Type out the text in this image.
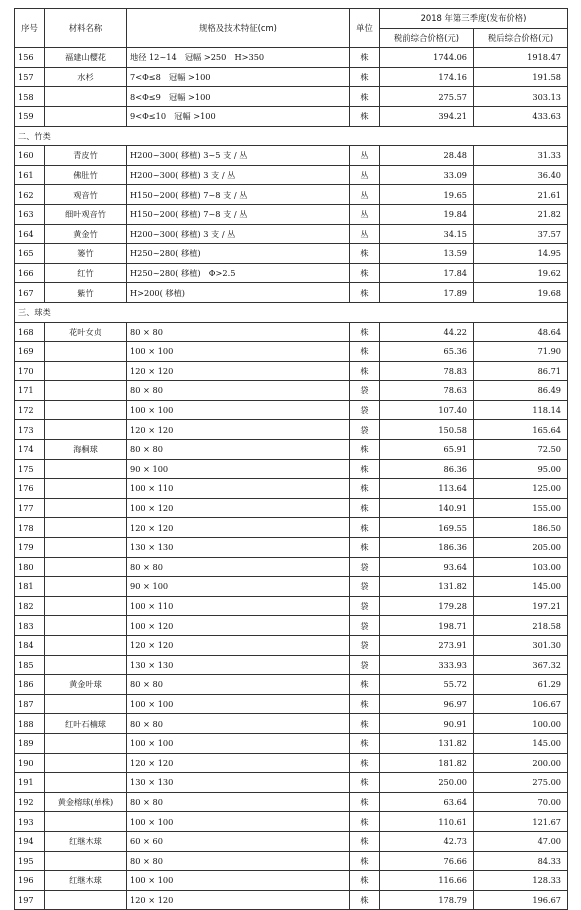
序号	材料名称	规格及技术特征(cm)	单位	2018 年第三季度(发布价格)	
				税前综合价格(元)	税后综合价格(元)
156	福建山樱花	地径 12~14　冠幅 >250　H>350	株	1744.06	1918.47
157	水杉	7<Φ≤8　冠幅 >100	株	174.16	191.58
158		8<Φ≤9　冠幅 >100	株	275.57	303.13
159		9<Φ≤10　冠幅 >100	株	394.21	433.63
二、竹类					
160	青皮竹	H200~300( 移植) 3~5 支 / 丛	丛	28.48	31.33
161	佛肚竹	H200~300( 移植) 3 支 / 丛	丛	33.09	36.40
162	观音竹	H150~200( 移植) 7~8 支 / 丛	丛	19.65	21.61
163	细叶观音竹	H150~200( 移植) 7~8 支 / 丛	丛	19.84	21.82
164	黄金竹	H200~300( 移植) 3 支 / 丛	丛	34.15	37.57
165	篓竹	H250~280( 移植)	株	13.59	14.95
166	红竹	H250~280( 移植)　Φ>2.5	株	17.84	19.62
167	紫竹	H>200( 移植)	株	17.89	19.68
三、球类					
168	花叶女贞	80 × 80	株	44.22	48.64
169		100 × 100	株	65.36	71.90
170		120 × 120	株	78.83	86.71
171		80 × 80	袋	78.63	86.49
172		100 × 100	袋	107.40	118.14
173		120 × 120	袋	150.58	165.64
174	海桐球	80 × 80	株	65.91	72.50
175		90 × 100	株	86.36	95.00
176		100 × 110	株	113.64	125.00
177		100 × 120	株	140.91	155.00
178		120 × 120	株	169.55	186.50
179		130 × 130	株	186.36	205.00
180		80 × 80	袋	93.64	103.00
181		90 × 100	袋	131.82	145.00
182		100 × 110	袋	179.28	197.21
183		100 × 120	袋	198.71	218.58
184		120 × 120	袋	273.91	301.30
185		130 × 130	袋	333.93	367.32
186	黄金叶球	80 × 80	株	55.72	61.29
187		100 × 100	株	96.97	106.67
188	红叶石楠球	80 × 80	株	90.91	100.00
189		100 × 100	株	131.82	145.00
190		120 × 120	株	181.82	200.00
191		130 × 130	株	250.00	275.00
192	黄金榕球(单株)	80 × 80	株	63.64	70.00
193		100 × 100	株	110.61	121.67
194	红继木球	60 × 60	株	42.73	47.00
195		80 × 80	株	76.66	84.33
196	红继木球	100 × 100	株	116.66	128.33
197		120 × 120	株	178.79	196.67
